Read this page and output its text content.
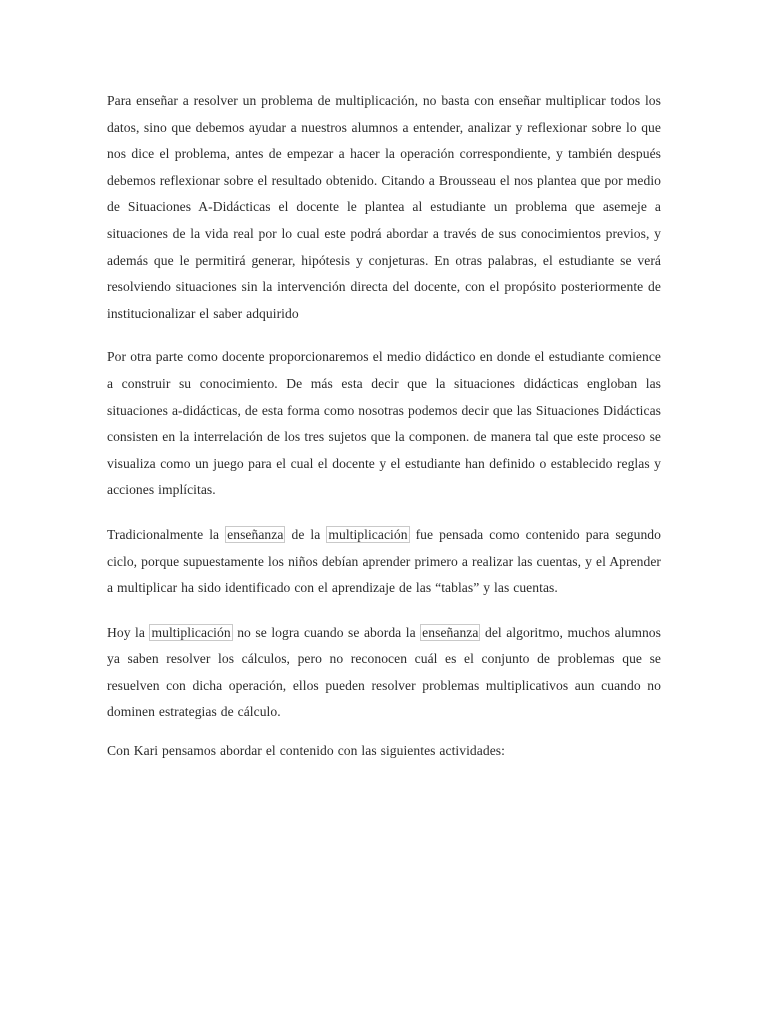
Para enseñar a resolver un problema de multiplicación, no basta con enseñar multiplicar todos los datos, sino que debemos ayudar a nuestros alumnos a entender, analizar y reflexionar sobre lo que nos dice el problema, antes de empezar a hacer la operación correspondiente, y también después debemos reflexionar sobre el resultado obtenido. Citando a Brousseau el nos plantea que por medio de Situaciones A-Didácticas el docente le plantea al estudiante un problema que asemeje a situaciones de la vida real por lo cual este podrá abordar a través de sus conocimientos previos, y además que le permitirá generar, hipótesis y conjeturas. En otras palabras, el estudiante se verá resolviendo situaciones sin la intervención directa del docente, con el propósito posteriormente de institucionalizar el saber adquirido

Por otra parte como docente proporcionaremos el medio didáctico en donde el estudiante comience a construir su conocimiento. De más esta decir que la situaciones didácticas engloban las situaciones a-didácticas, de esta forma como nosotras podemos decir que las Situaciones Didácticas consisten en la interrelación de los tres sujetos que la componen. de manera tal que este proceso se visualiza como un juego para el cual el docente y el estudiante han definido o establecido reglas y acciones implícitas.

Tradicionalmente la enseñanza de la multiplicación fue pensada como contenido para segundo ciclo, porque supuestamente los niños debían aprender primero a realizar las cuentas, y el Aprender a multiplicar ha sido identificado con el aprendizaje de las “tablas” y las cuentas.

Hoy la multiplicación no se logra cuando se aborda la enseñanza del algoritmo, muchos alumnos ya saben resolver los cálculos, pero no reconocen cuál es el conjunto de problemas que se resuelven con dicha operación, ellos pueden resolver problemas multiplicativos aun cuando no dominen estrategias de cálculo.

Con Kari pensamos abordar el contenido con las siguientes actividades:
